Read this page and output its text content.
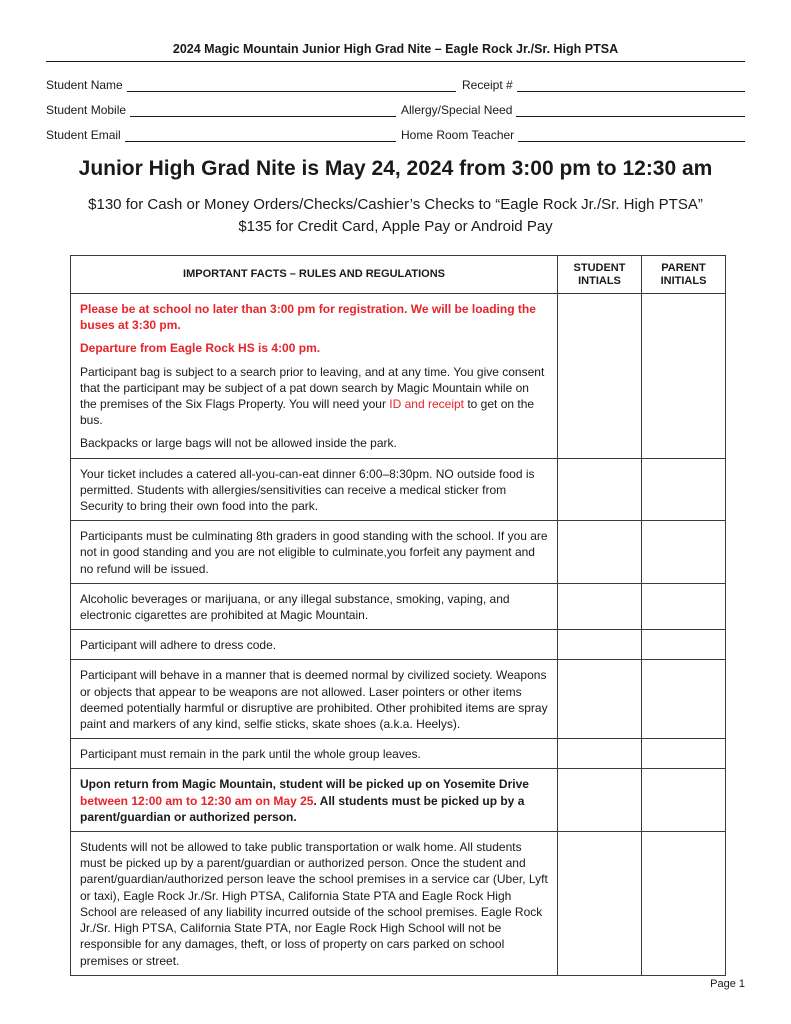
2024 Magic Mountain Junior High Grad Nite – Eagle Rock Jr./Sr. High PTSA
Student Name	Receipt #
Student Mobile	Allergy/Special Need
Student Email	Home Room Teacher
Junior High Grad Nite is May 24, 2024 from 3:00 pm to 12:30 am
$130 for Cash or Money Orders/Checks/Cashier’s Checks to “Eagle Rock Jr./Sr. High PTSA”
$135 for Credit Card, Apple Pay or Android Pay
IMPORTANT FACTS – RULES AND REGULATIONS	STUDENT INTIALS	PARENT INITIALS

Please be at school no later than 3:00 pm for registration. We will be loading the buses at 3:30 pm.

Departure from Eagle Rock HS is 4:00 pm.

Participant bag is subject to a search prior to leaving, and at any time. You give consent that the participant may be subject of a pat down search by Magic Mountain while on the premises of the Six Flags Property. You will need your ID and receipt to get on the bus.

Backpacks or large bags will not be allowed inside the park.		

Your ticket includes a catered all-you-can-eat dinner 6:00–8:30pm. NO outside food is permitted. Students with allergies/sensitivities can receive a medical sticker from Security to bring their own food into the park.		

Participants must be culminating 8th graders in good standing with the school. If you are not in good standing and you are not eligible to culminate,you forfeit any payment and no refund will be issued.		

Alcoholic beverages or marijuana, or any illegal substance, smoking, vaping, and electronic cigarettes are prohibited at Magic Mountain.		

Participant will adhere to dress code.		

Participant will behave in a manner that is deemed normal by civilized society. Weapons or objects that appear to be weapons are not allowed. Laser pointers or other items deemed potentially harmful or disruptive are prohibited. Other prohibited items are spray paint and markers of any kind, selfie sticks, skate shoes (a.k.a. Heelys).		

Participant must remain in the park until the whole group leaves.		

Upon return from Magic Mountain, student will be picked up on Yosemite Drive between 12:00 am to 12:30 am on May 25. All students must be picked up by a parent/guardian or authorized person.		

Students will not be allowed to take public transportation or walk home. All students must be picked up by a parent/guardian or authorized person. Once the student and parent/guardian/authorized person leave the school premises in a service car (Uber, Lyft or taxi), Eagle Rock Jr./Sr. High PTSA, California State PTA and Eagle Rock High School are released of any liability incurred outside of the school premises. Eagle Rock Jr./Sr. High PTSA, California State PTA, nor Eagle Rock High School will not be responsible for any damages, theft, or loss of property on cars parked on school premises or street.		

Page 1
